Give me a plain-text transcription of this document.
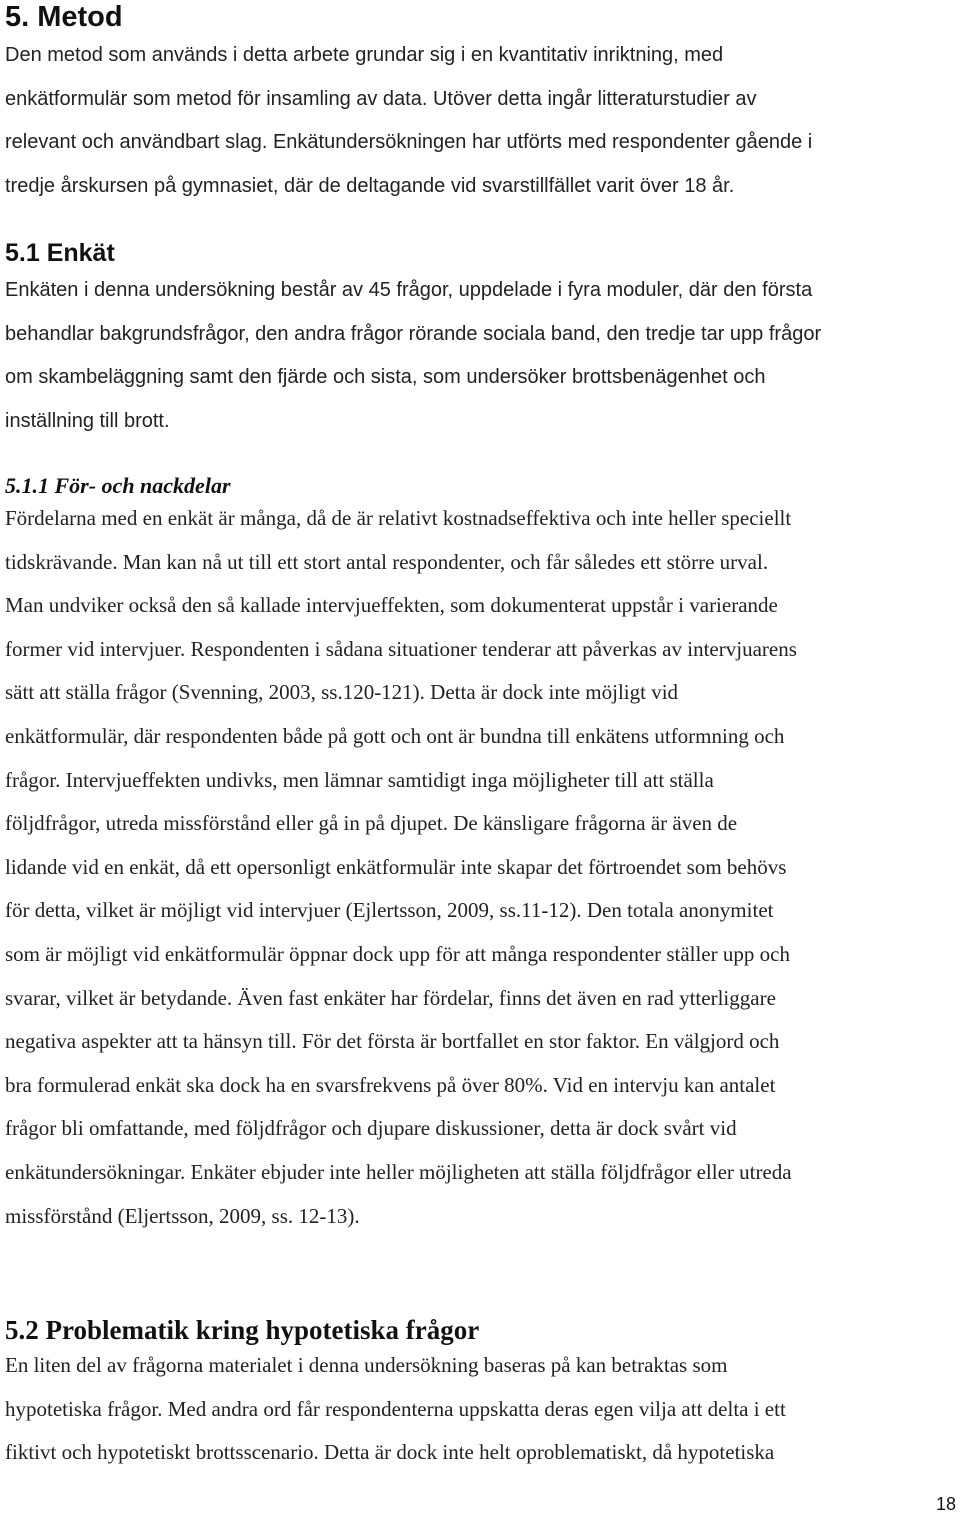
5. Metod

Den metod som används i detta arbete grundar sig i en kvantitativ inriktning, med
enkätformulär som metod för insamling av data. Utöver detta ingår litteraturstudier av
relevant och användbart slag. Enkätundersökningen har utförts med respondenter gående i
tredje årskursen på gymnasiet, där de deltagande vid svarstillfället varit över 18 år.

5.1 Enkät

Enkäten i denna undersökning består av 45 frågor, uppdelade i fyra moduler, där den första
behandlar bakgrundsfrågor, den andra frågor rörande sociala band, den tredje tar upp frågor
om skambeläggning samt den fjärde och sista, som undersöker brottsbenägenhet och
inställning till brott.

5.1.1 För- och nackdelar

Fördelarna med en enkät är många, då de är relativt kostnadseffektiva och inte heller speciellt
tidskrävande. Man kan nå ut till ett stort antal respondenter, och får således ett större urval.
Man undviker också den så kallade intervjueffekten, som dokumenterat uppstår i varierande
former vid intervjuer. Respondenten i sådana situationer tenderar att påverkas av intervjuarens
sätt att ställa frågor (Svenning, 2003, ss.120-121). Detta är dock inte möjligt vid
enkätformulär, där respondenten både på gott och ont är bundna till enkätens utformning och
frågor. Intervjueffekten undivks, men lämnar samtidigt inga möjligheter till att ställa
följdfrågor, utreda missförstånd eller gå in på djupet. De känsligare frågorna är även de
lidande vid en enkät, då ett opersonligt enkätformulär inte skapar det förtroendet som behövs
för detta, vilket är möjligt vid intervjuer (Ejlertsson, 2009, ss.11-12). Den totala anonymitet
som är möjligt vid enkätformulär öppnar dock upp för att många respondenter ställer upp och
svarar, vilket är betydande. Även fast enkäter har fördelar, finns det även en rad ytterliggare
negativa aspekter att ta hänsyn till. För det första är bortfallet en stor faktor. En välgjord och
bra formulerad enkät ska dock ha en svarsfrekvens på över 80%. Vid en intervju kan antalet
frågor bli omfattande, med följdfrågor och djupare diskussioner, detta är dock svårt vid
enkätundersökningar. Enkäter ebjuder inte heller möjligheten att ställa följdfrågor eller utreda
missförstånd (Eljertsson, 2009, ss. 12-13).

5.2 Problematik kring hypotetiska frågor

En liten del av frågorna materialet i denna undersökning baseras på kan betraktas som
hypotetiska frågor. Med andra ord får respondenterna uppskatta deras egen vilja att delta i ett
fiktivt och hypotetiskt brottsscenario. Detta är dock inte helt oproblematiskt, då hypotetiska

18
